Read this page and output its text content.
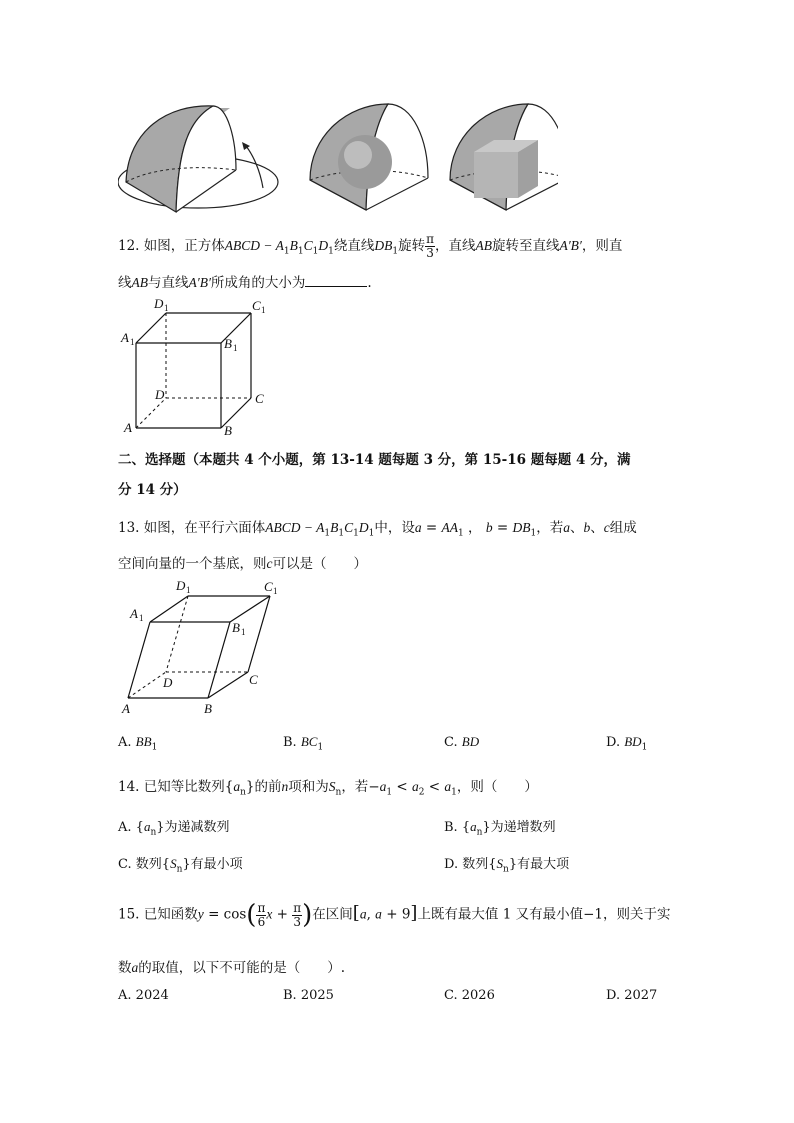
12. 如图，正方体ABCD − $A_1B_1C_1D_1$绕直线$DB_1$旋转 $\frac{\pi}{3}$ ，直线AB旋转至直线A′B′，则直
线AB与直线A′B′所成角的大小为	.
D 1	C 1
A 1	B 1
D	C
A	B
二、选择题（本题共 4 个小题，第 13-14 题每题 3 分，第 15-16 题每题 4 分，满
分 14 分）
13. 如图，在平行六面体ABCD − $A_1B_1C_1D_1$中，设$a = AA_1$ ， $b = DB_1$，若a、b、c组成
空间向量的一个基底，则c可以是（　　）
D 1	C 1
A 1
B 1
D	C
A	B
A. $BB_1$	B. $BC_1$	C. BD	D. $BD_1$
14. 已知等比数列$\{a_n\}$的前n项和为$S_n$，若$-a_1 < a_2 < a_1$，则（　　）
A. $\{a_n\}$为递减数列	B. $\{a_n\}$为递增数列
C. 数列$\{S_n\}$有最小项	D. 数列$\{S_n\}$有最大项
15. 已知函数$y = \cos( \frac{\pi}{6}$ $x + \frac{\pi}{3}$ )在区间[a, a + 9]上既有最大值 1 又有最小值−1，则关于实
数a的取值，以下不可能的是（　　）.
A. 2024	B. 2025	C. 2026	D. 2027
